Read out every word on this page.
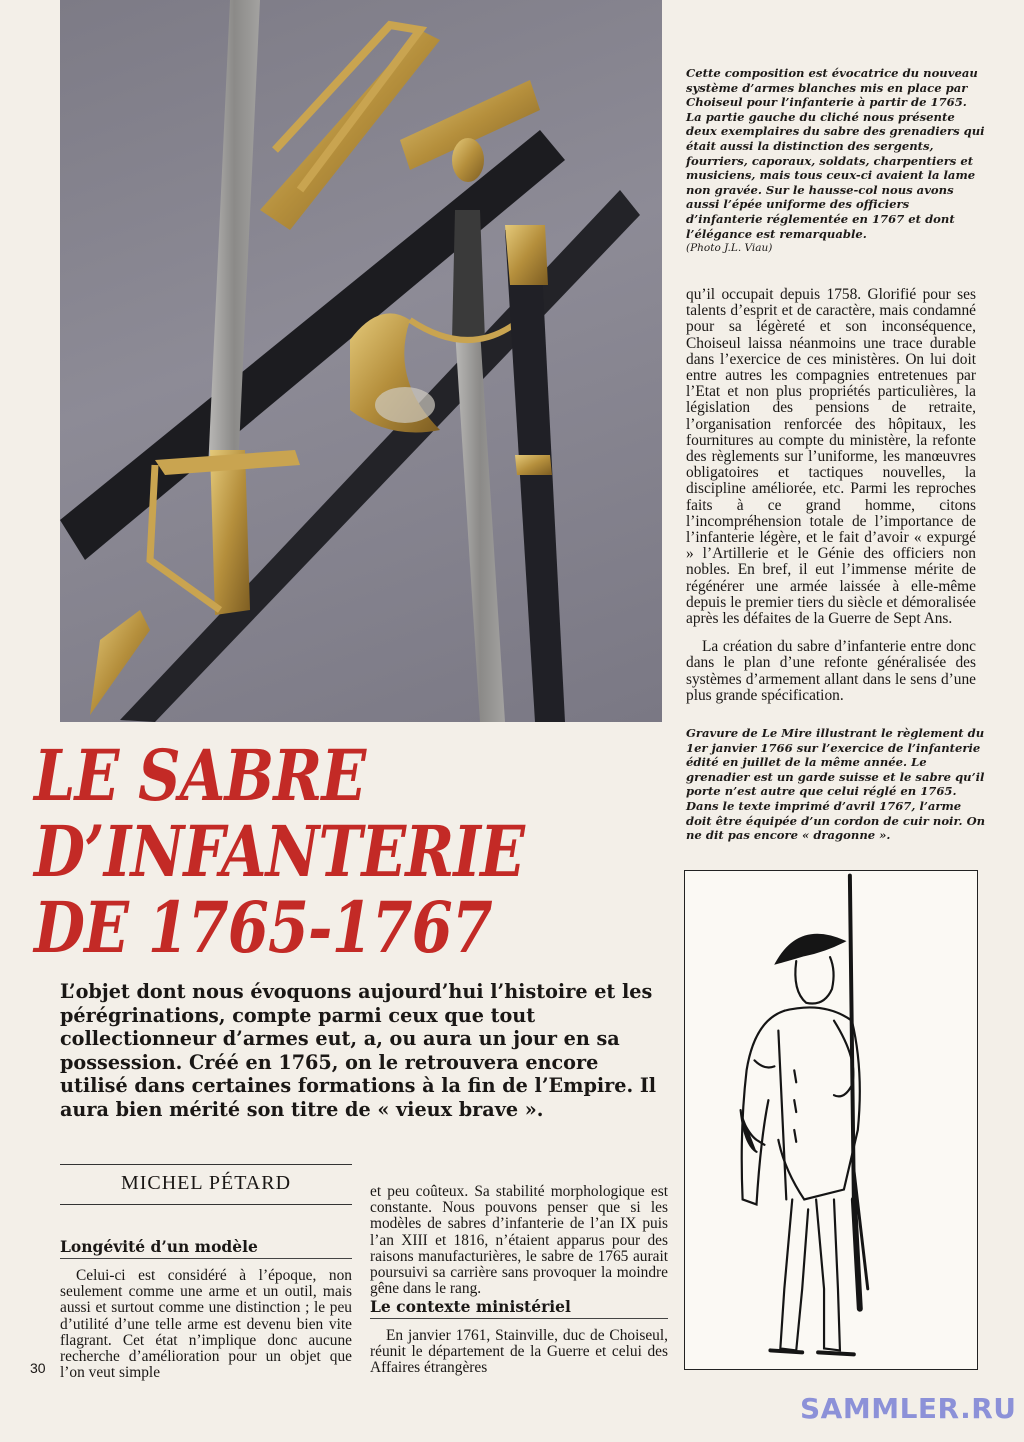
Cette composition est évocatrice du nouveau système d’armes blanches mis en place par Choiseul pour l’infanterie à partir de 1765. La partie gauche du cliché nous présente deux exemplaires du sabre des grenadiers qui était aussi la distinction des sergents, fourriers, caporaux, soldats, charpentiers et musiciens, mais tous ceux-ci avaient la lame non gravée. Sur le hausse-col nous avons aussi l’épée uniforme des officiers d’infanterie réglementée en 1767 et dont l’élégance est remarquable.
(Photo J.L. Viau)

qu’il occupait depuis 1758. Glorifié pour ses talents d’esprit et de caractère, mais condamné pour sa légèreté et son inconséquence, Choiseul laissa néanmoins une trace durable dans l’exercice de ces ministères. On lui doit entre autres les compagnies entretenues par l’Etat et non plus propriétés particulières, la législation des pensions de retraite, l’organisation renforcée des hôpitaux, les fournitures au compte du ministère, la refonte des règlements sur l’uniforme, les manœuvres obligatoires et tactiques nouvelles, la discipline améliorée, etc. Parmi les reproches faits à ce grand homme, citons l’incompréhension totale de l’importance de l’infanterie légère, et le fait d’avoir « expurgé » l’Artillerie et le Génie des officiers non nobles. En bref, il eut l’immense mérite de régénérer une armée laissée à elle-même depuis le premier tiers du siècle et démoralisée après les défaites de la Guerre de Sept Ans.

La création du sabre d’infanterie entre donc dans le plan d’une refonte généralisée des systèmes d’armement allant dans le sens d’une plus grande spécification.

Gravure de Le Mire illustrant le règlement du 1er janvier 1766 sur l’exercice de l’infanterie édité en juillet de la même année. Le grenadier est un garde suisse et le sabre qu’il porte n’est autre que celui réglé en 1765. Dans le texte imprimé d’avril 1767, l’arme doit être équipée d’un cordon de cuir noir. On ne dit pas encore « dragonne ».
LE SABRE
D’INFANTERIE
DE 1765-1767
L’objet dont nous évoquons aujourd’hui l’histoire et les pérégrinations, compte parmi ceux que tout collectionneur d’armes eut, a, ou aura un jour en sa possession. Créé en 1765, on le retrouvera encore utilisé dans certaines formations à la fin de l’Empire. Il aura bien mérité son titre de « vieux brave ».
MICHEL PÉTARD
Longévité d’un modèle

Celui-ci est considéré à l’époque, non seulement comme une arme et un outil, mais aussi et surtout comme une distinction ; le peu d’utilité d’une telle arme est devenu bien vite flagrant. Cet état n’implique donc aucune recherche d’amélioration pour un objet que l’on veut simple

et peu coûteux. Sa stabilité morphologique est constante. Nous pouvons penser que si les modèles de sabres d’infanterie de l’an IX puis l’an XIII et 1816, n’étaient apparus pour des raisons manufacturières, le sabre de 1765 aurait poursuivi sa carrière sans provoquer la moindre gêne dans le rang.

Le contexte ministériel

En janvier 1761, Stainville, duc de Choiseul, réunit le département de la Guerre et celui des Affaires étrangères

30
SAMMLER.RU
